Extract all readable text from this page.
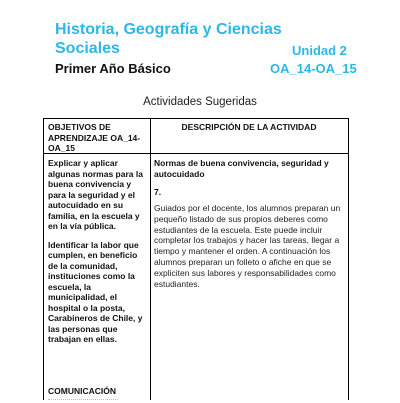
Historia, Geografía y Ciencias Sociales	Unidad 2
Primer Año Básico	OA_14-OA_15
Actividades Sugeridas
OBJETIVOS DE APRENDIZAJE OA_14-OA_15
DESCRIPCIÓN DE LA ACTIVIDAD

Explicar y aplicar algunas normas para la buena convivencia y para la seguridad y el autocuidado en su familia, en la escuela y en la vía pública.

Identificar la labor que cumplen, en beneficio de la comunidad, instituciones como la escuela, la municipalidad, el hospital o la posta, Carabineros de Chile, y las personas que trabajan en ellas.

COMUNICACIÓN

Normas de buena convivencia, seguridad y autocuidado

7.

Guiados por el docente, los alumnos preparan un pequeño listado de sus propios deberes como estudiantes de la escuela. Este puede incluir completar los trabajos y hacer las tareas, llegar a tiempo y mantener el orden. A continuación los alumnos preparan un folleto o afiche en que se expliciten sus labores y responsabilidades como estudiantes.
